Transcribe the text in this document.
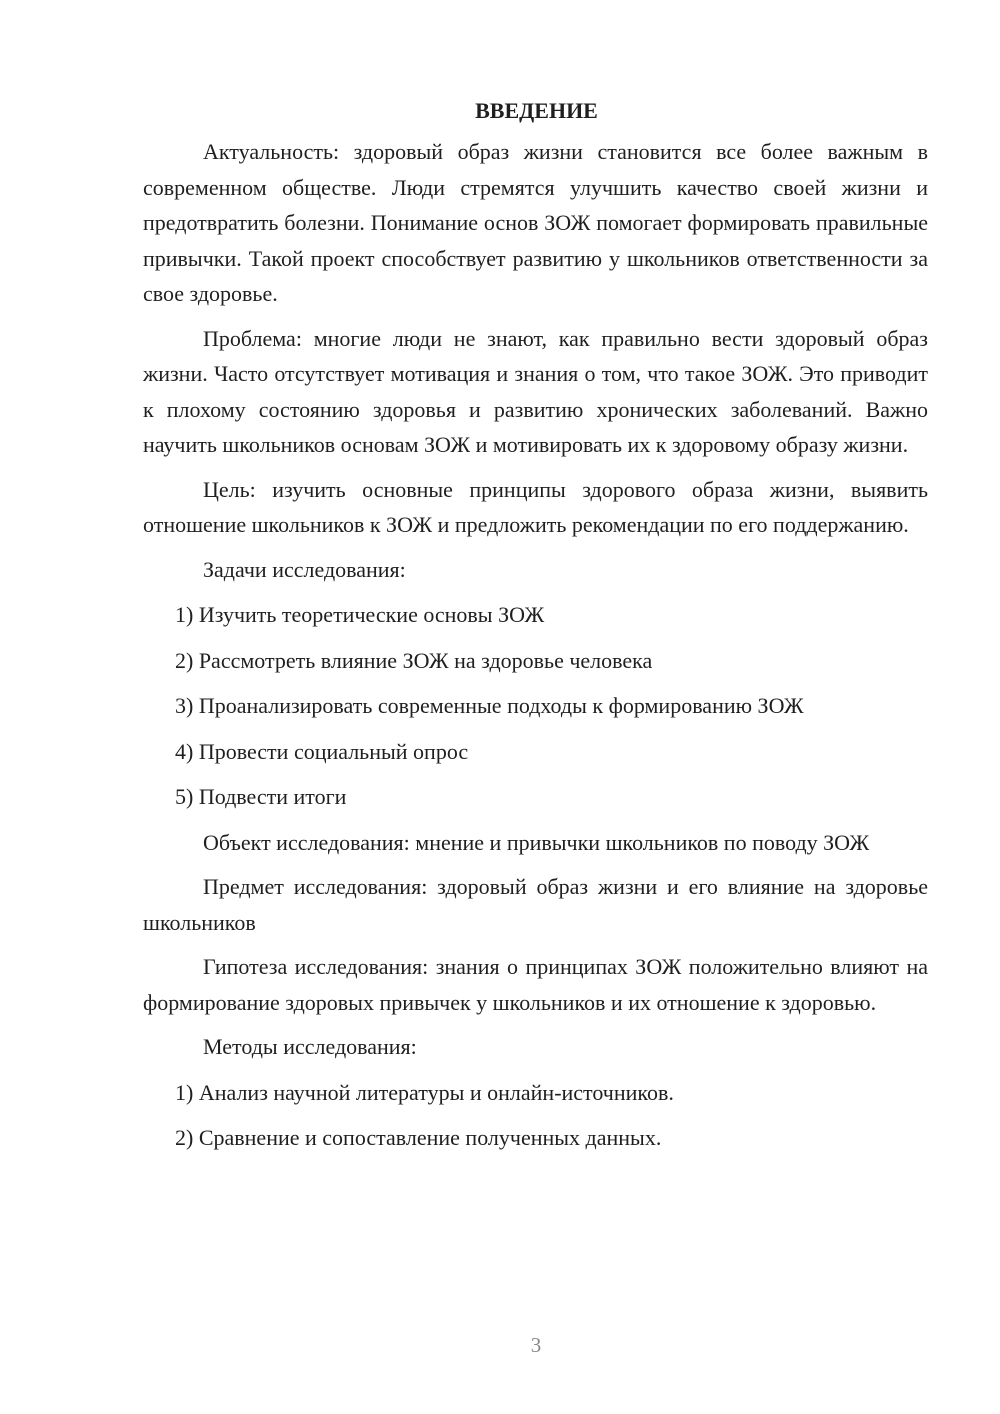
ВВЕДЕНИЕ
Актуальность: здоровый образ жизни становится все более важным в современном обществе. Люди стремятся улучшить качество своей жизни и предотвратить болезни. Понимание основ ЗОЖ помогает формировать правильные привычки. Такой проект способствует развитию у школьников ответственности за свое здоровье.
Проблема: многие люди не знают, как правильно вести здоровый образ жизни. Часто отсутствует мотивация и знания о том, что такое ЗОЖ. Это приводит к плохому состоянию здоровья и развитию хронических заболеваний. Важно научить школьников основам ЗОЖ и мотивировать их к здоровому образу жизни.
Цель: изучить основные принципы здорового образа жизни, выявить отношение школьников к ЗОЖ и предложить рекомендации по его поддержанию.
Задачи исследования:
1) Изучить теоретические основы ЗОЖ
2) Рассмотреть влияние ЗОЖ на здоровье человека
3) Проанализировать современные подходы к формированию ЗОЖ
4) Провести социальный опрос
5) Подвести итоги
Объект исследования: мнение и привычки школьников по поводу ЗОЖ
Предмет исследования: здоровый образ жизни и его влияние на здоровье школьников
Гипотеза исследования: знания о принципах ЗОЖ положительно влияют на формирование здоровых привычек у школьников и их отношение к здоровью.
Методы исследования:
1) Анализ научной литературы и онлайн-источников.
2) Сравнение и сопоставление полученных данных.
3
